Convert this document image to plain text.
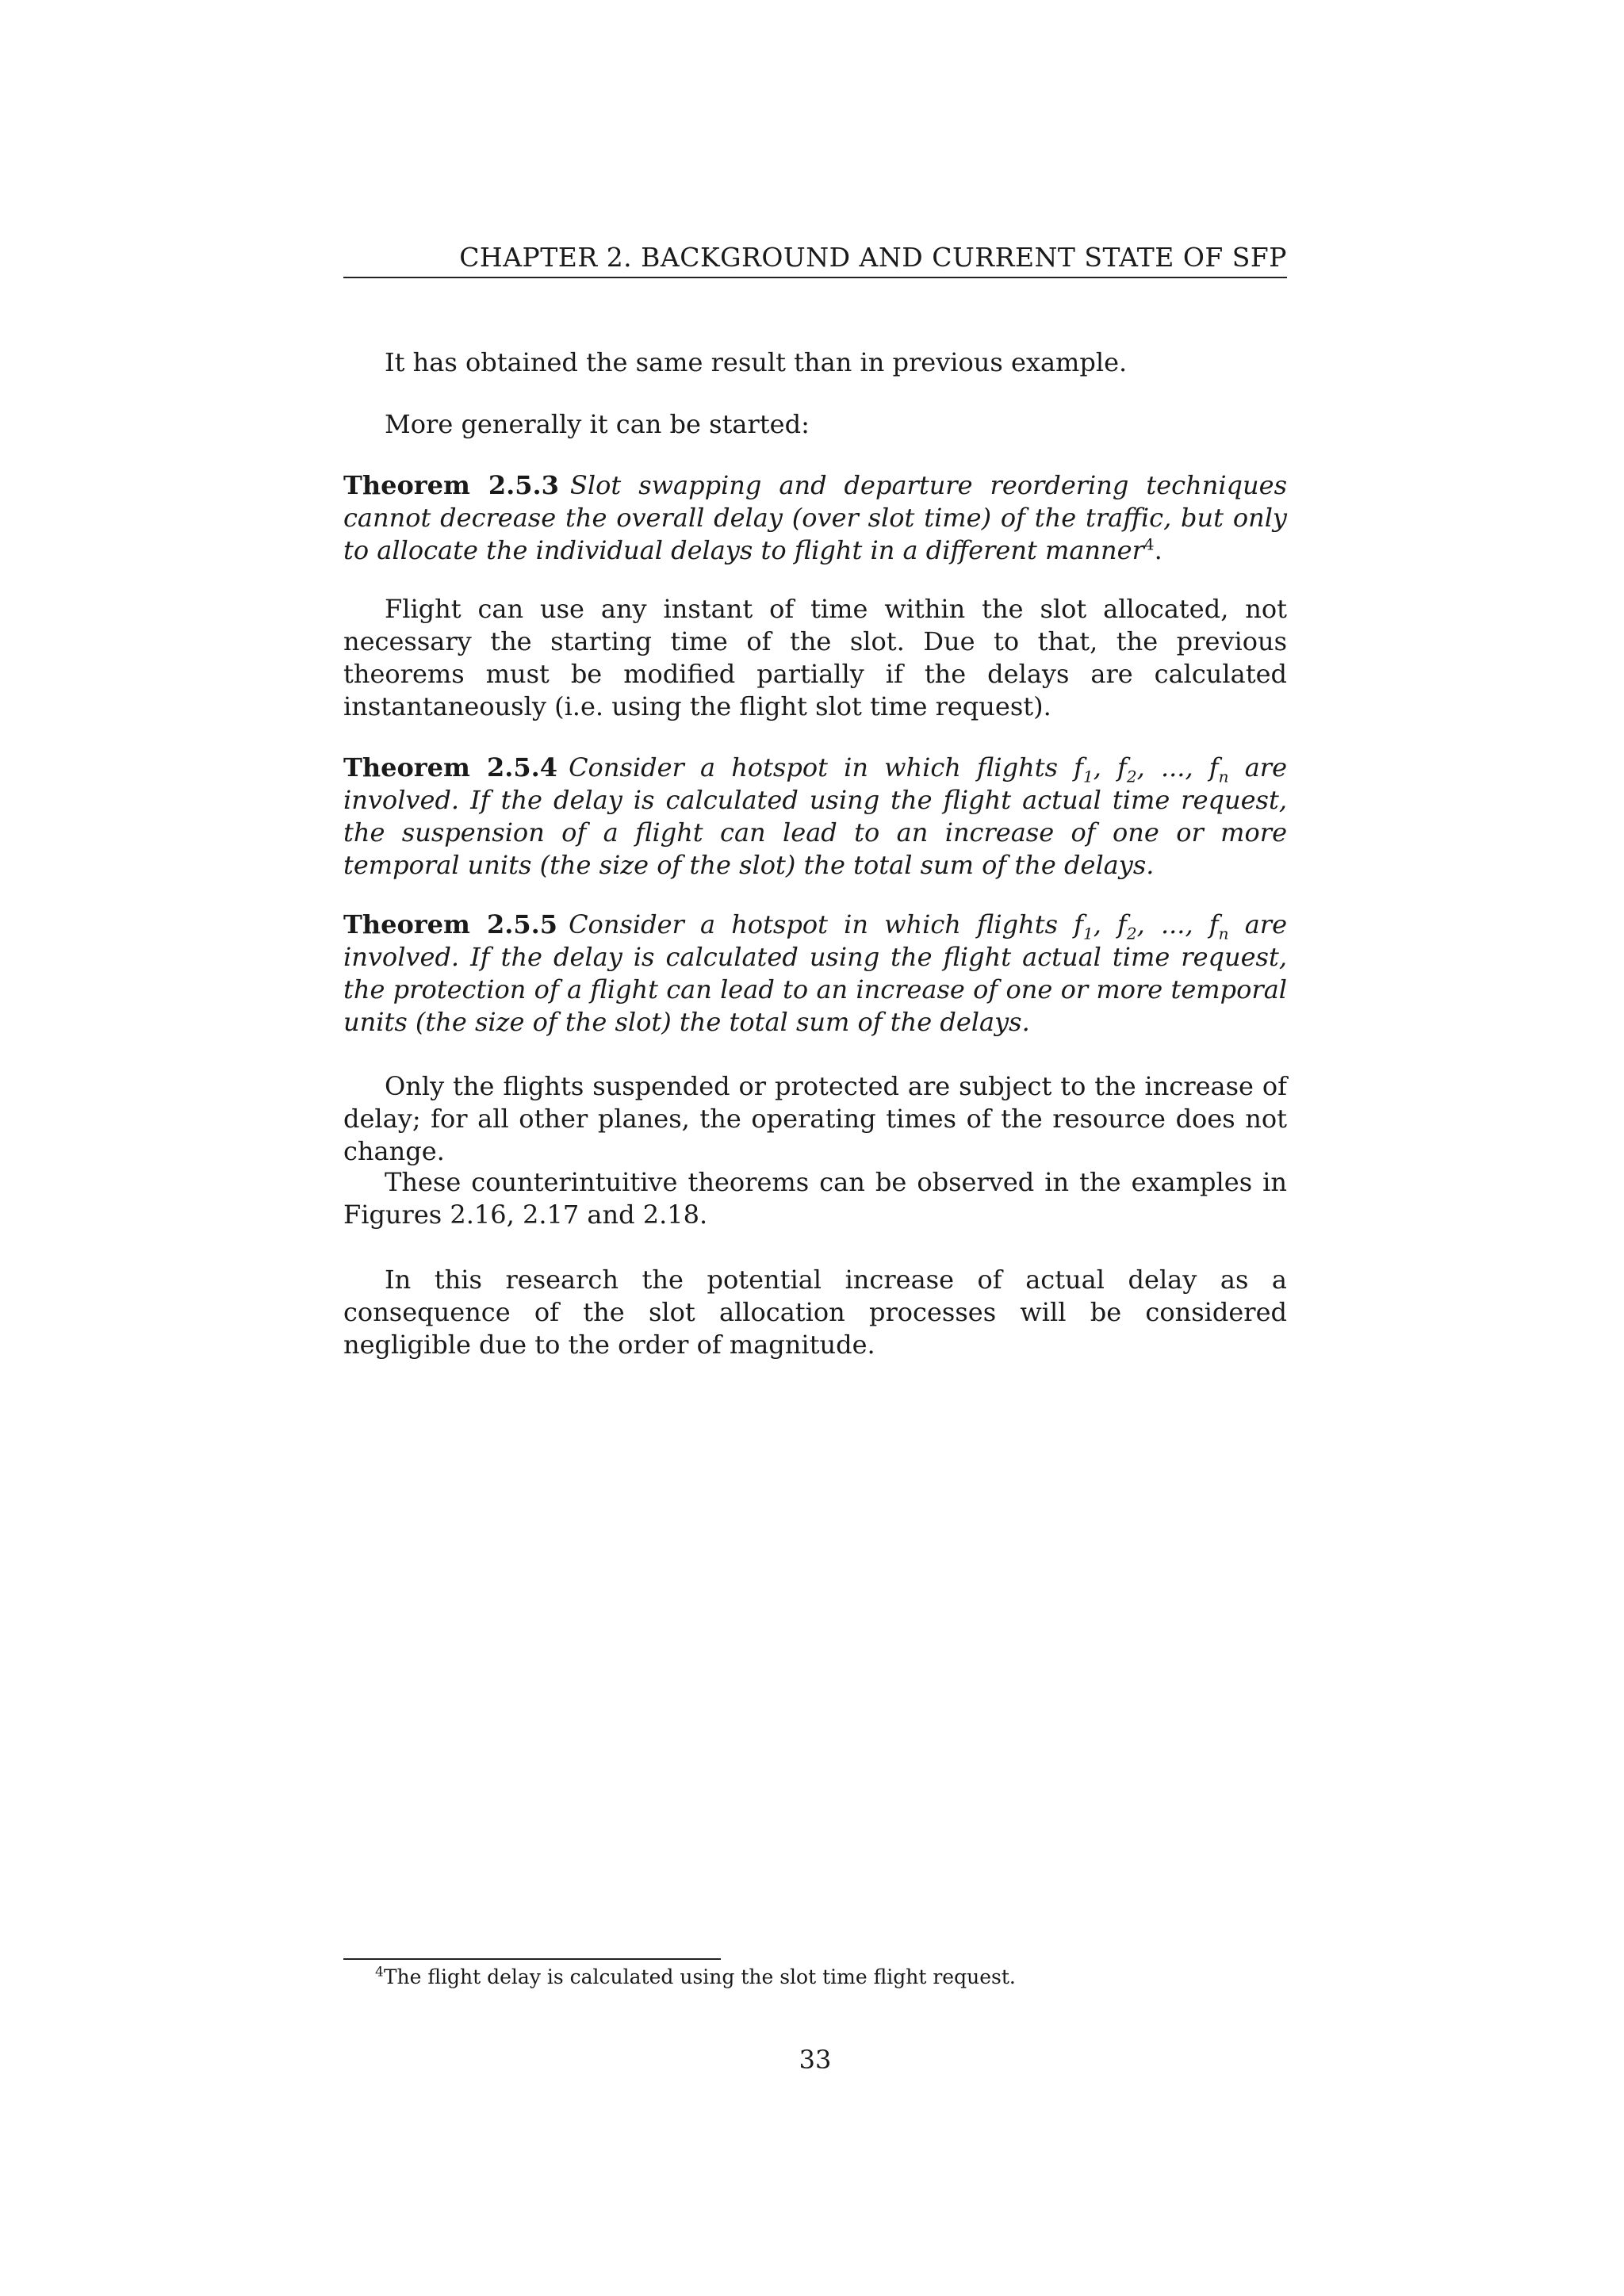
CHAPTER 2. BACKGROUND AND CURRENT STATE OF SFP

It has obtained the same result than in previous example.

More generally it can be started:

Theorem 2.5.3 Slot swapping and departure reordering techniques cannot decrease the overall delay (over slot time) of the traffic, but only to allocate the individual delays to flight in a different manner$^4$.

Flight can use any instant of time within the slot allocated, not necessary the starting time of the slot. Due to that, the previous theorems must be modified partially if the delays are calculated instantaneously (i.e. using the flight slot time request).

Theorem 2.5.4 Consider a hotspot in which flights $f_1$, $f_2$, ..., $f_n$ are involved. If the delay is calculated using the flight actual time request, the suspension of a flight can lead to an increase of one or more temporal units (the size of the slot) the total sum of the delays.

Theorem 2.5.5 Consider a hotspot in which flights $f_1$, $f_2$, ..., $f_n$ are involved. If the delay is calculated using the flight actual time request, the protection of a flight can lead to an increase of one or more temporal units (the size of the slot) the total sum of the delays.

Only the flights suspended or protected are subject to the increase of delay; for all other planes, the operating times of the resource does not change.

These counterintuitive theorems can be observed in the examples in Figures 2.16, 2.17 and 2.18.

In this research the potential increase of actual delay as a consequence of the slot allocation processes will be considered negligible due to the order of magnitude.

$^4$The flight delay is calculated using the slot time flight request.
33
